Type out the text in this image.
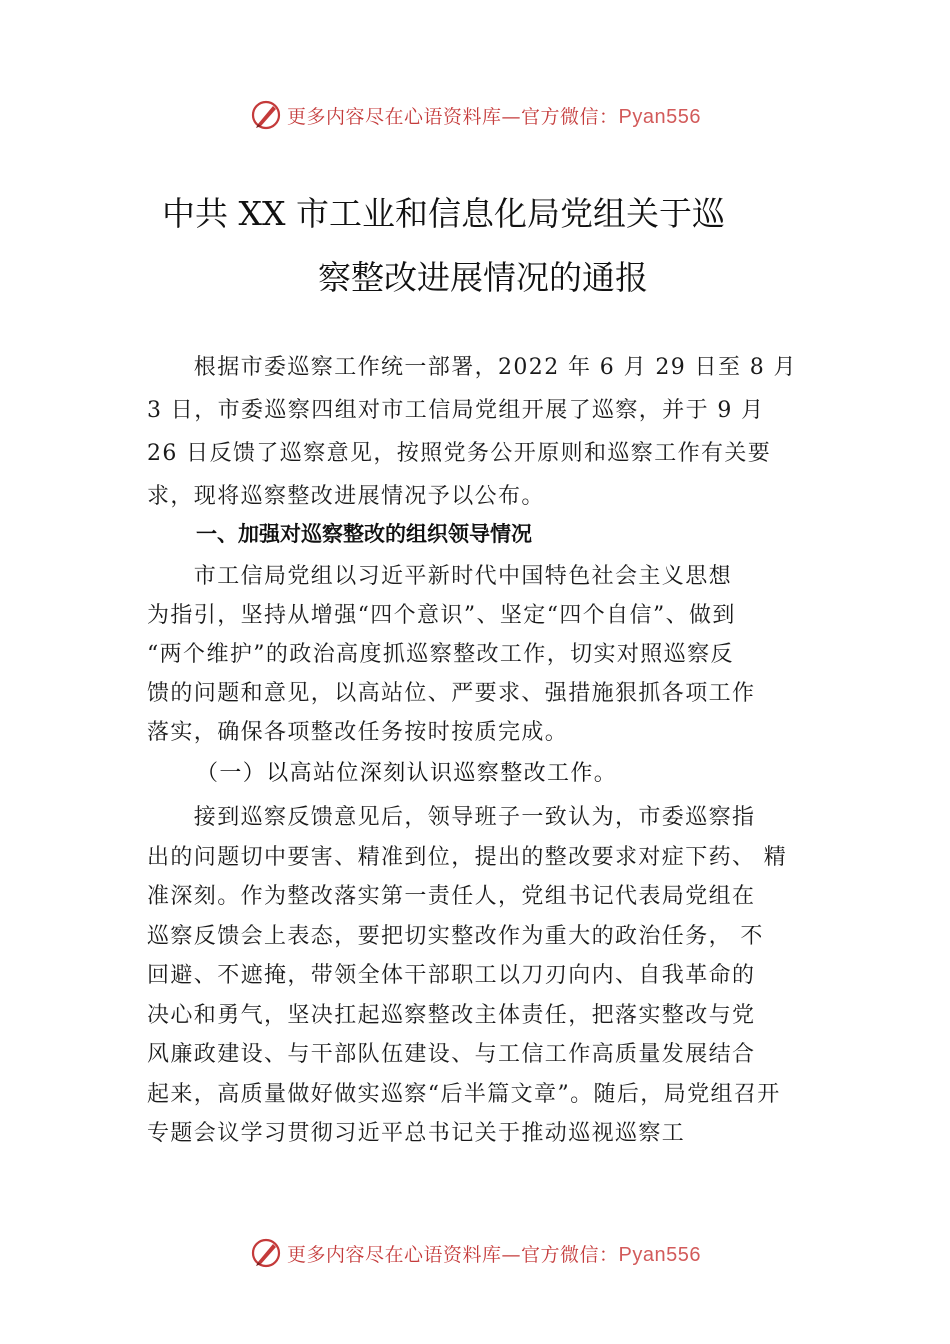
更多内容尽在心语资料库—官方微信：Pyan556
中共 XX 市工业和信息化局党组关于巡
察整改进展情况的通报
　　根据市委巡察工作统一部署，2022 年 6 月 29 日至 8 月
3 日，市委巡察四组对市工信局党组开展了巡察，并于 9 月
26 日反馈了巡察意见，按照党务公开原则和巡察工作有关要
求，现将巡察整改进展情况予以公布。
一、加强对巡察整改的组织领导情况
　　市工信局党组以习近平新时代中国特色社会主义思想
为指引，坚持从增强“四个意识”、坚定“四个自信”、做到
“两个维护”的政治高度抓巡察整改工作，切实对照巡察反
馈的问题和意见，以高站位、严要求、强措施狠抓各项工作
落实，确保各项整改任务按时按质完成。
（一）以高站位深刻认识巡察整改工作。
　　接到巡察反馈意见后，领导班子一致认为，市委巡察指
出的问题切中要害、精准到位，提出的整改要求对症下药、 精
准深刻。作为整改落实第一责任人，党组书记代表局党组在
巡察反馈会上表态，要把切实整改作为重大的政治任务， 不
回避、不遮掩，带领全体干部职工以刀刃向内、自我革命的
决心和勇气，坚决扛起巡察整改主体责任，把落实整改与党
风廉政建设、与干部队伍建设、与工信工作高质量发展结合
起来，高质量做好做实巡察“后半篇文章”。随后，局党组召开
专题会议学习贯彻习近平总书记关于推动巡视巡察工
更多内容尽在心语资料库—官方微信：Pyan556
